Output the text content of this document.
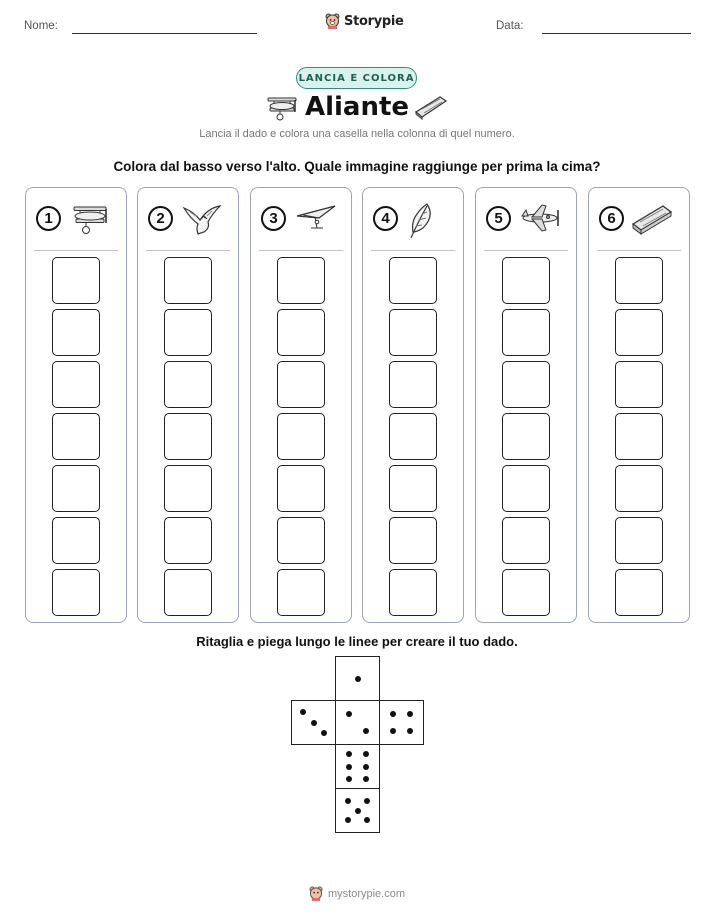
Nome:	Storypie	Data:
LANCIA E COLORA
Aliante
Lancia il dado e colora una casella nella colonna di quel numero.
Colora dal basso verso l'alto. Quale immagine raggiunge per prima la cima?
1	2	3	4	5	6
Ritaglia e piega lungo le linee per creare il tuo dado.
mystorypie.com
